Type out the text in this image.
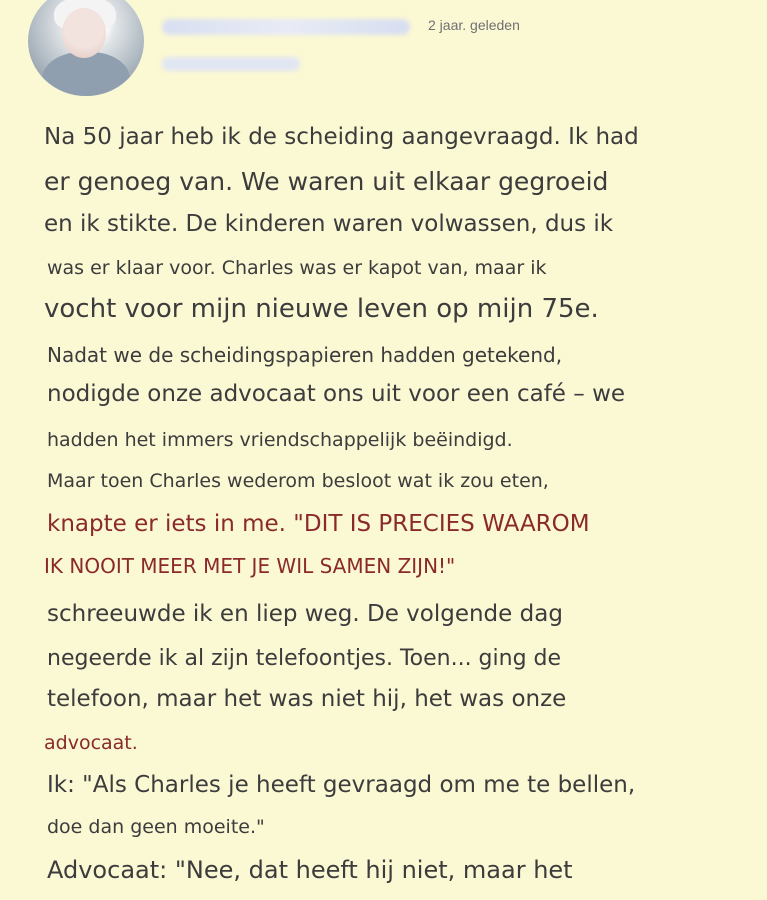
2 jaar. geleden
Na 50 jaar heb ik de scheiding aangevraagd. Ik had
er genoeg van. We waren uit elkaar gegroeid
en ik stikte. De kinderen waren volwassen, dus ik
was er klaar voor. Charles was er kapot van, maar ik
vocht voor mijn nieuwe leven op mijn 75e.
Nadat we de scheidingspapieren hadden getekend,
nodigde onze advocaat ons uit voor een café – we
hadden het immers vriendschappelijk beëindigd.
Maar toen Charles wederom besloot wat ik zou eten,
knapte er iets in me. "DIT IS PRECIES WAAROM
IK NOOIT MEER MET JE WIL SAMEN ZIJN!"
schreeuwde ik en liep weg. De volgende dag
negeerde ik al zijn telefoontjes. Toen... ging de
telefoon, maar het was niet hij, het was onze
advocaat.
Ik: "Als Charles je heeft gevraagd om me te bellen,
doe dan geen moeite."
Advocaat: "Nee, dat heeft hij niet, maar het
